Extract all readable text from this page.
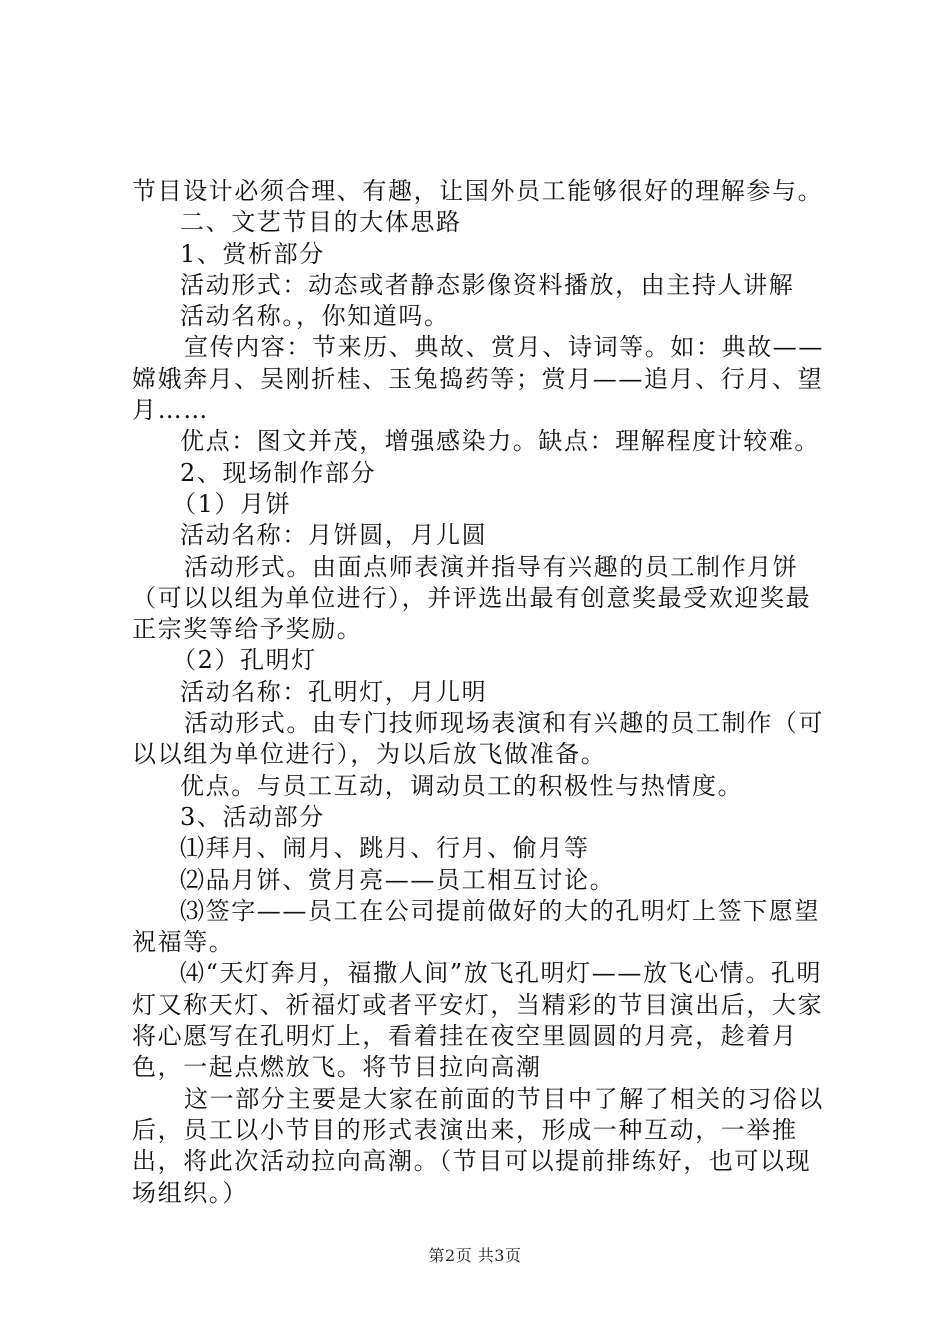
节目设计必须合理、有趣，让国外员工能够很好的理解参与。

二、文艺节目的大体思路

1、赏析部分

活动形式：动态或者静态影像资料播放，由主持人讲解

活动名称。，你知道吗。

宣传内容：节来历、典故、赏月、诗词等。如：典故——嫦娥奔月、吴刚折桂、玉兔捣药等；赏月——追月、行月、望月……

优点：图文并茂，增强感染力。缺点：理解程度计较难。

2、现场制作部分

（1）月饼

活动名称：月饼圆，月儿圆

活动形式。由面点师表演并指导有兴趣的员工制作月饼（可以以组为单位进行），并评选出最有创意奖最受欢迎奖最正宗奖等给予奖励。

（2）孔明灯

活动名称：孔明灯，月儿明

活动形式。由专门技师现场表演和有兴趣的员工制作（可以以组为单位进行），为以后放飞做准备。

优点。与员工互动，调动员工的积极性与热情度。

3、活动部分

⑴拜月、闹月、跳月、行月、偷月等

⑵品月饼、赏月亮——员工相互讨论。

⑶签字——员工在公司提前做好的大的孔明灯上签下愿望祝福等。

⑷“天灯奔月，福撒人间”放飞孔明灯——放飞心情。孔明灯又称天灯、祈福灯或者平安灯，当精彩的节目演出后，大家将心愿写在孔明灯上，看着挂在夜空里圆圆的月亮，趁着月色，一起点燃放飞。将节目拉向高潮

这一部分主要是大家在前面的节目中了解了相关的习俗以后，员工以小节目的形式表演出来，形成一种互动，一举推出，将此次活动拉向高潮。（节目可以提前排练好，也可以现场组织。）

第2页 共3页
